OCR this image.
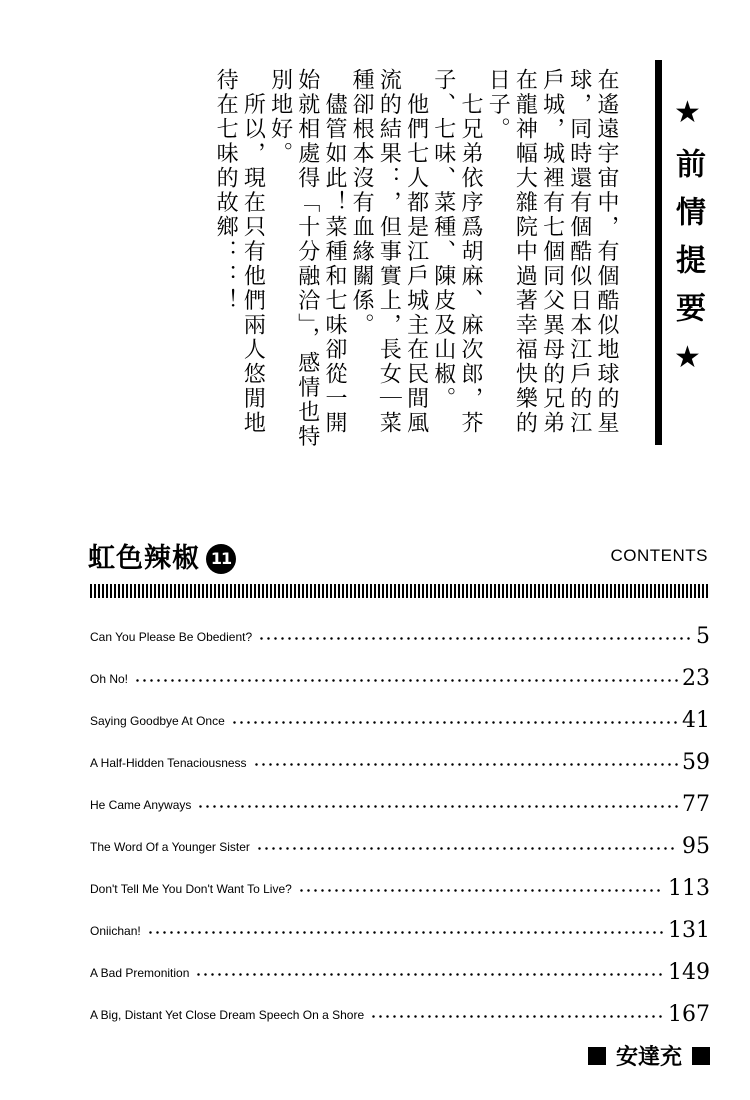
★前情提要★

在遙遠宇宙中，有個酷似地球的星球，同時還有個酷似日本江戶的江戶城，城裡有七個同父異母的兄弟在龍神幅大雜院中過著幸福快樂的日子。

　七兄弟依序爲胡麻、麻次郎，芥子、七味、菜種、陳皮及山椒。

　他們七人都是江戶城主在民間風流的結果：，但事實上，長女｜菜種卻根本沒有血緣關係。

　儘管如此！菜種和七味卻從一開始就相處得「十分融洽」，感情也特別地好。

　所以，現在只有他們兩人悠閒地待在七味的故鄉：：！

虹色辣椒 11	CONTENTS
Can You Please Be Obedient?	5
Oh No!	23
Saying Goodbye At Once	41
A Half-Hidden Tenaciousness	59
He Came Anyways	77
The Word Of a Younger Sister	95
Don't Tell Me You Don't Want To Live?	113
Oniichan!	131
A Bad Premonition	149
A Big, Distant Yet Close Dream Speech On a Shore	167
安達充
